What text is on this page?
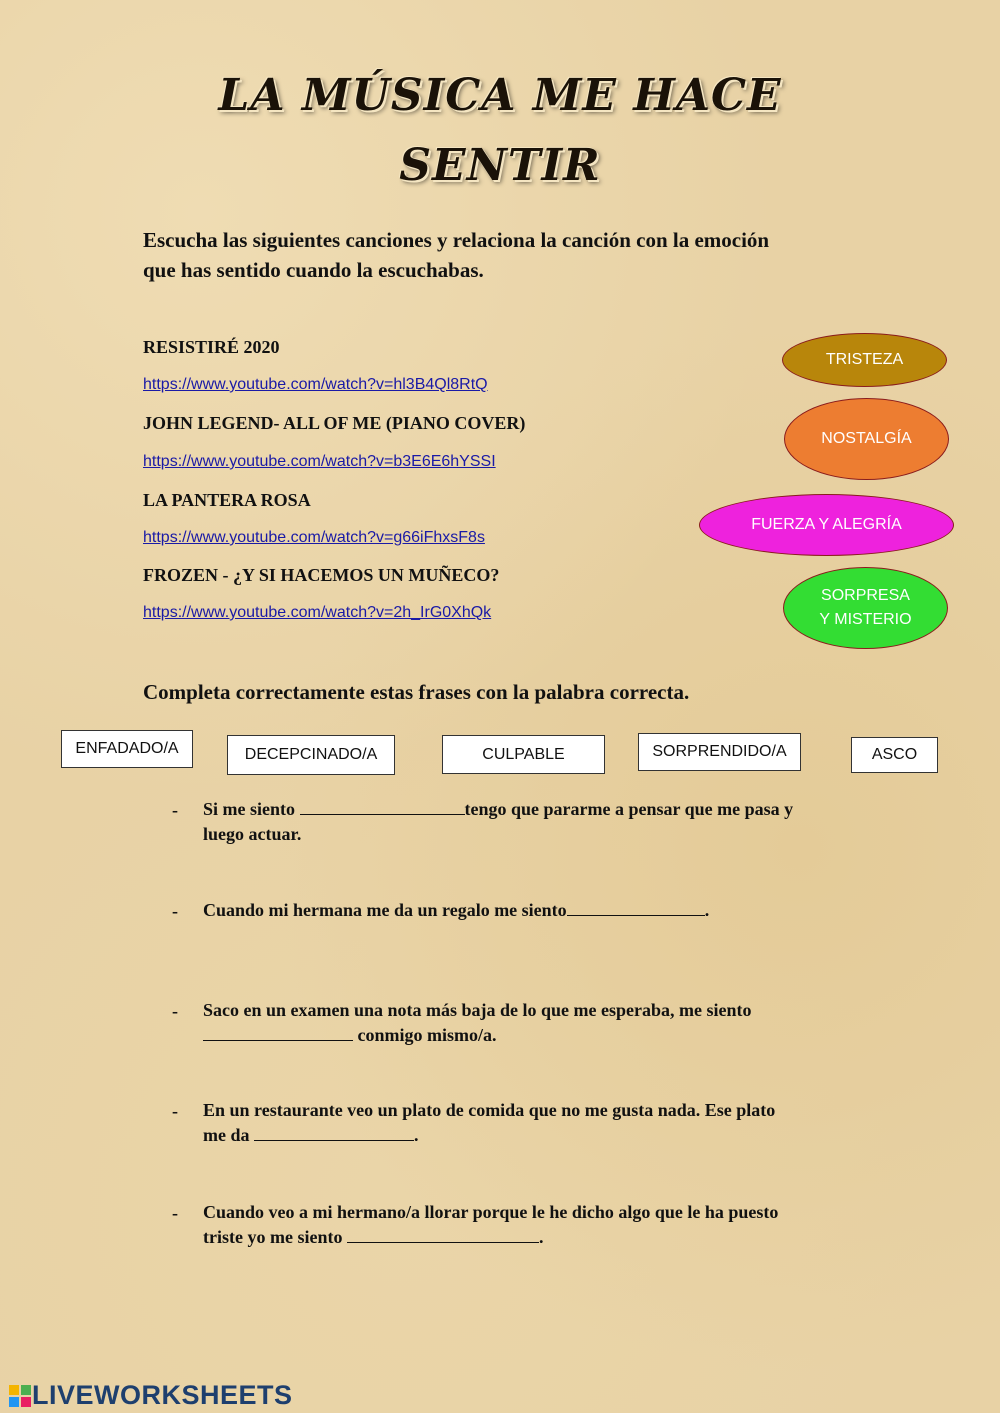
LA MÚSICA ME HACE
SENTIR
Escucha las siguientes canciones y relaciona la canción con la emoción
que has sentido cuando la escuchabas.
RESISTIRÉ 2020
https://www.youtube.com/watch?v=hl3B4Ql8RtQ
JOHN LEGEND- ALL OF ME (PIANO COVER)
https://www.youtube.com/watch?v=b3E6E6hYSSI
LA PANTERA ROSA
https://www.youtube.com/watch?v=g66iFhxsF8s
FROZEN - ¿Y SI HACEMOS UN MUÑECO?
https://www.youtube.com/watch?v=2h_IrG0XhQk
TRISTEZA
NOSTALGÍA
FUERZA Y ALEGRÍA
SORPRESA
Y MISTERIO
Completa correctamente estas frases con la palabra correcta.
ENFADADO/A	DECEPCINADO/A	CULPABLE	SORPRENDIDO/A	ASCO
- Si me siento	tengo que pararme a pensar que me pasa y
luego actuar.
- Cuando mi hermana me da un regalo me siento	.
- Saco en un examen una nota más baja de lo que me esperaba, me siento
conmigo mismo/a.
- En un restaurante veo un plato de comida que no me gusta nada. Ese plato
me da	.
- Cuando veo a mi hermano/a llorar porque le he dicho algo que le ha puesto
triste yo me siento	.
LIVEWORKSHEETS
